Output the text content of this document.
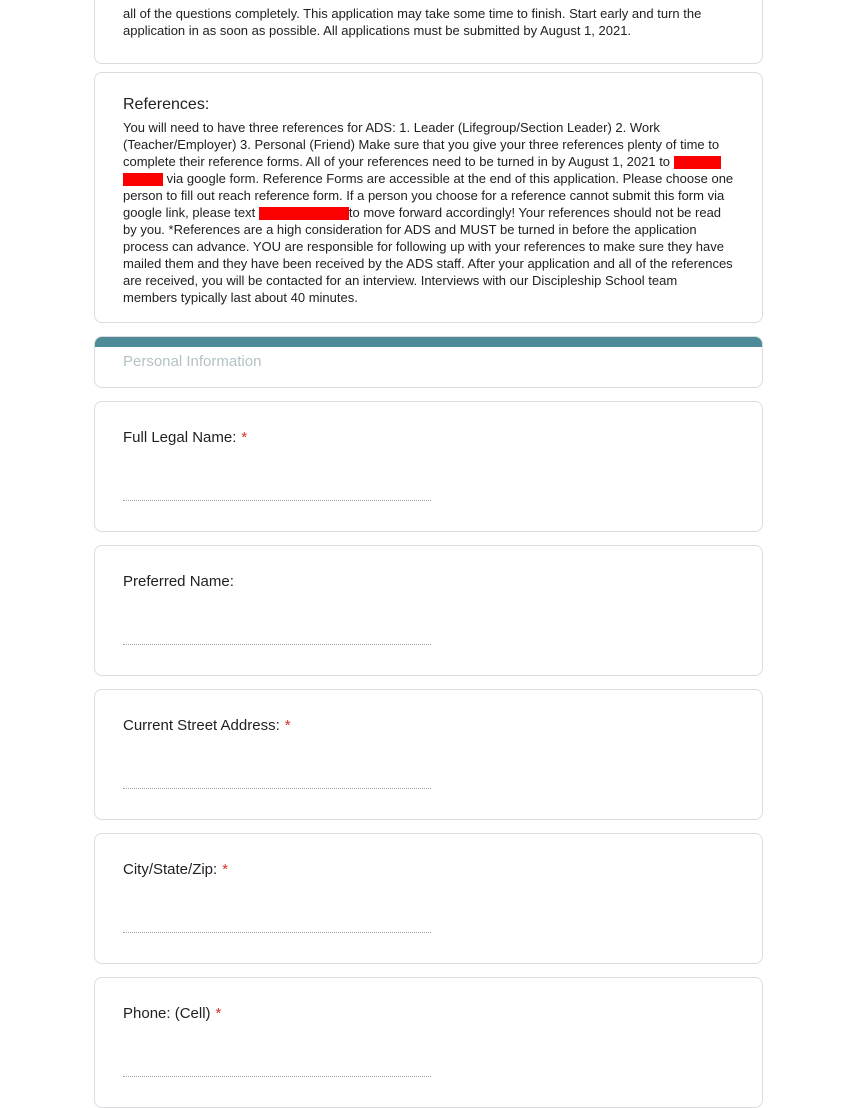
all of the questions completely. This application may take some time to finish. Start early and turn the application in as soon as possible. All applications must be submitted by August 1, 2021.

References:

You will need to have three references for ADS: 1. Leader (Lifegroup/Section Leader) 2. Work (Teacher/Employer) 3. Personal (Friend) Make sure that you give your three references plenty of time to complete their reference forms. All of your references need to be turned in by August 1, 2021 to   via google form. Reference Forms are accessible at the end of this application. Please choose one person to fill out reach reference form. If a person you choose for a reference cannot submit this form via google link, please text	to move forward accordingly! Your references should not be read by you. *References are a high consideration for ADS and MUST be turned in before the application process can advance. YOU are responsible for following up with your references to make sure they have mailed them and they have been received by the ADS staff. After your application and all of the references are received, you will be contacted for an interview. Interviews with our Discipleship School team members typically last about 40 minutes.

Personal Information
Full Legal Name: *
Preferred Name:
Current Street Address: *
City/State/Zip: *
Phone: (Cell) *
